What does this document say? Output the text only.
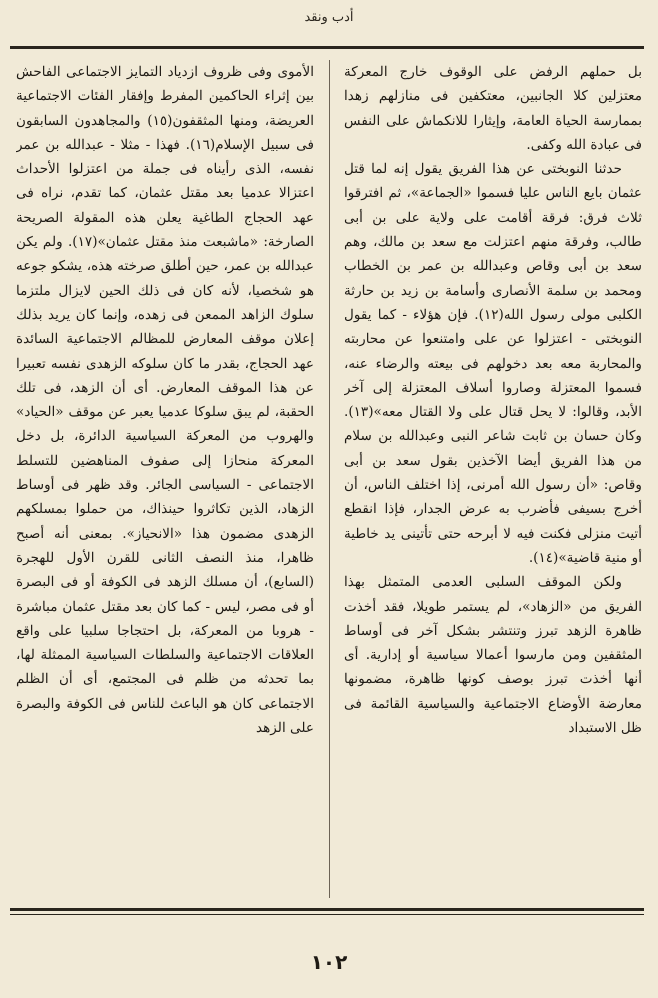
أدب ونقد

بل حملهم الرفض على الوقوف خارج المعركة معتزلين كلا الجانبين، معتكفين فى منازلهم زهدا بممارسة الحياة العامة، وإيثارا للانكماش على النفس فى عبادة الله وكفى.

حدثنا النوبختى عن هذا الفريق يقول إنه لما قتل عثمان بايع الناس عليا فسموا «الجماعة»، ثم افترقوا ثلاث فرق: فرقة أقامت على ولاية على بن أبى طالب، وفرقة منهم اعتزلت مع سعد بن مالك، وهم سعد بن أبى وقاص وعبدالله بن عمر بن الخطاب ومحمد بن سلمة الأنصارى وأسامة بن زيد بن حارثة الكلبى مولى رسول الله(١٢). فإن هؤلاء - كما يقول النوبختى - اعتزلوا عن على وامتنعوا عن محاربته والمحاربة معه بعد دخولهم فى بيعته والرضاء عنه، فسموا المعتزلة وصاروا أسلاف المعتزلة إلى آخر الأبد، وقالوا: لا يحل قتال على ولا القتال معه»(١٣). وكان حسان بن ثابت شاعر النبى وعبدالله بن سلام من هذا الفريق أيضا الآخذين بقول سعد بن أبى وقاص: «أن رسول الله أمرنى، إذا اختلف الناس، أن أخرج بسيفى فأضرب به عرض الجدار، فإذا انقطع أتيت منزلى فكنت فيه لا أبرحه حتى تأتينى يد خاطية أو منية قاضية»(١٤).

ولكن الموقف السلبى العدمى المتمثل بهذا الفريق من «الزهاد»، لم يستمر طويلا، فقد أخذت ظاهرة الزهد تبرز وتنتشر بشكل آخر فى أوساط المثقفين ومن مارسوا أعمالا سياسية أو إدارية. أى أنها أخذت تبرز بوصف كونها ظاهرة، مضمونها معارضة الأوضاع الاجتماعية والسياسية القائمة فى ظل الاستبداد

الأموى وفى ظروف ازدياد التمايز الاجتماعى الفاحش بين إثراء الحاكمين المفرط وإفقار الفئات الاجتماعية العريضة، ومنها المثقفون(١٥) والمجاهدون السابقون فى سبيل الإسلام(١٦). فهذا - مثلا - عبدالله بن عمر نفسه، الذى رأيناه فى جملة من اعتزلوا الأحداث اعتزالا عدميا بعد مقتل عثمان، كما تقدم، نراه فى عهد الحجاج الطاغية يعلن هذه المقولة الصريحة الصارخة: «ماشبعت منذ مقتل عثمان»(١٧). ولم يكن عبدالله بن عمر، حين أطلق صرخته هذه، يشكو جوعه هو شخصيا، لأنه كان فى ذلك الحين لايزال ملتزما سلوك الزاهد الممعن فى زهده، وإنما كان يريد بذلك إعلان موقف المعارض للمظالم الاجتماعية السائدة عهد الحجاج، بقدر ما كان سلوكه الزهدى نفسه تعبيرا عن هذا الموقف المعارض. أى أن الزهد، فى تلك الحقبة، لم يبق سلوكا عدميا يعبر عن موقف «الحياد» والهروب من المعركة السياسية الدائرة، بل دخل المعركة منحازا إلى صفوف المناهضين للتسلط الاجتماعى - السياسى الجائر. وقد ظهر فى أوساط الزهاد، الذين تكاثروا حينذاك، من حملوا بمسلكهم الزهدى مضمون هذا «الانحياز». بمعنى أنه أصبح ظاهرا، منذ النصف الثانى للقرن الأول للهجرة (السابع)، أن مسلك الزهد فى الكوفة أو فى البصرة أو فى مصر، ليس - كما كان بعد مقتل عثمان مباشرة - هروبا من المعركة، بل احتجاجا سلبيا على واقع العلاقات الاجتماعية والسلطات السياسية الممثلة لها، بما تحدثه من ظلم فى المجتمع، أى أن الظلم الاجتماعى كان هو الباعث للناس فى الكوفة والبصرة على الزهد

١٠٢
